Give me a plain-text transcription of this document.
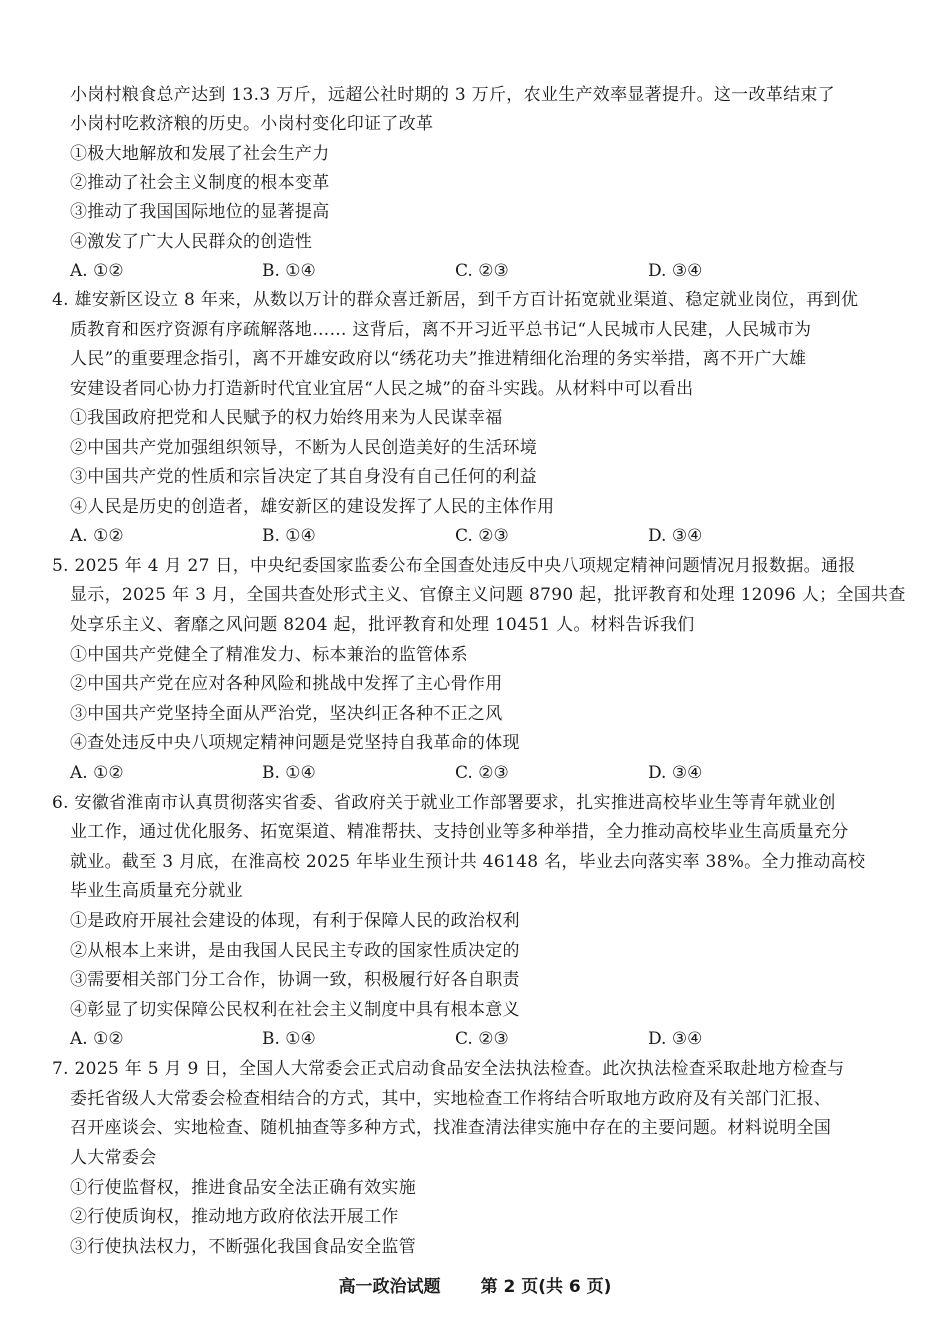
小岗村粮食总产达到 13.3 万斤，远超公社时期的 3 万斤，农业生产效率显著提升。这一改革结束了
小岗村吃救济粮的历史。小岗村变化印证了改革
①极大地解放和发展了社会生产力
②推动了社会主义制度的根本变革
③推动了我国国际地位的显著提高
④激发了广大人民群众的创造性
A. ①②	B. ①④	C. ②③	D. ③④
4. 雄安新区设立 8 年来，从数以万计的群众喜迁新居，到千方百计拓宽就业渠道、稳定就业岗位，再到优
质教育和医疗资源有序疏解落地…… 这背后，离不开习近平总书记“人民城市人民建，人民城市为
人民”的重要理念指引，离不开雄安政府以“绣花功夫”推进精细化治理的务实举措，离不开广大雄
安建设者同心协力打造新时代宜业宜居“人民之城”的奋斗实践。从材料中可以看出
①我国政府把党和人民赋予的权力始终用来为人民谋幸福
②中国共产党加强组织领导，不断为人民创造美好的生活环境
③中国共产党的性质和宗旨决定了其自身没有自己任何的利益
④人民是历史的创造者，雄安新区的建设发挥了人民的主体作用
A. ①②	B. ①④	C. ②③	D. ③④
5. 2025 年 4 月 27 日，中央纪委国家监委公布全国查处违反中央八项规定精神问题情况月报数据。通报
显示，2025 年 3 月，全国共查处形式主义、官僚主义问题 8790 起，批评教育和处理 12096 人；全国共查
处享乐主义、奢靡之风问题 8204 起，批评教育和处理 10451 人。材料告诉我们
①中国共产党健全了精准发力、标本兼治的监管体系
②中国共产党在应对各种风险和挑战中发挥了主心骨作用
③中国共产党坚持全面从严治党，坚决纠正各种不正之风
④查处违反中央八项规定精神问题是党坚持自我革命的体现
A. ①②	B. ①④	C. ②③	D. ③④
6. 安徽省淮南市认真贯彻落实省委、省政府关于就业工作部署要求，扎实推进高校毕业生等青年就业创
业工作，通过优化服务、拓宽渠道、精准帮扶、支持创业等多种举措，全力推动高校毕业生高质量充分
就业。截至 3 月底，在淮高校 2025 年毕业生预计共 46148 名，毕业去向落实率 38%。全力推动高校
毕业生高质量充分就业
①是政府开展社会建设的体现，有利于保障人民的政治权利
②从根本上来讲，是由我国人民民主专政的国家性质决定的
③需要相关部门分工合作，协调一致，积极履行好各自职责
④彰显了切实保障公民权利在社会主义制度中具有根本意义
A. ①②	B. ①④	C. ②③	D. ③④
7. 2025 年 5 月 9 日，全国人大常委会正式启动食品安全法执法检查。此次执法检查采取赴地方检查与
委托省级人大常委会检查相结合的方式，其中，实地检查工作将结合听取地方政府及有关部门汇报、
召开座谈会、实地检查、随机抽查等多种方式，找准查清法律实施中存在的主要问题。材料说明全国
人大常委会
①行使监督权，推进食品安全法正确有效实施
②行使质询权，推动地方政府依法开展工作
③行使执法权力，不断强化我国食品安全监管
高一政治试题 第 2 页(共 6 页)
